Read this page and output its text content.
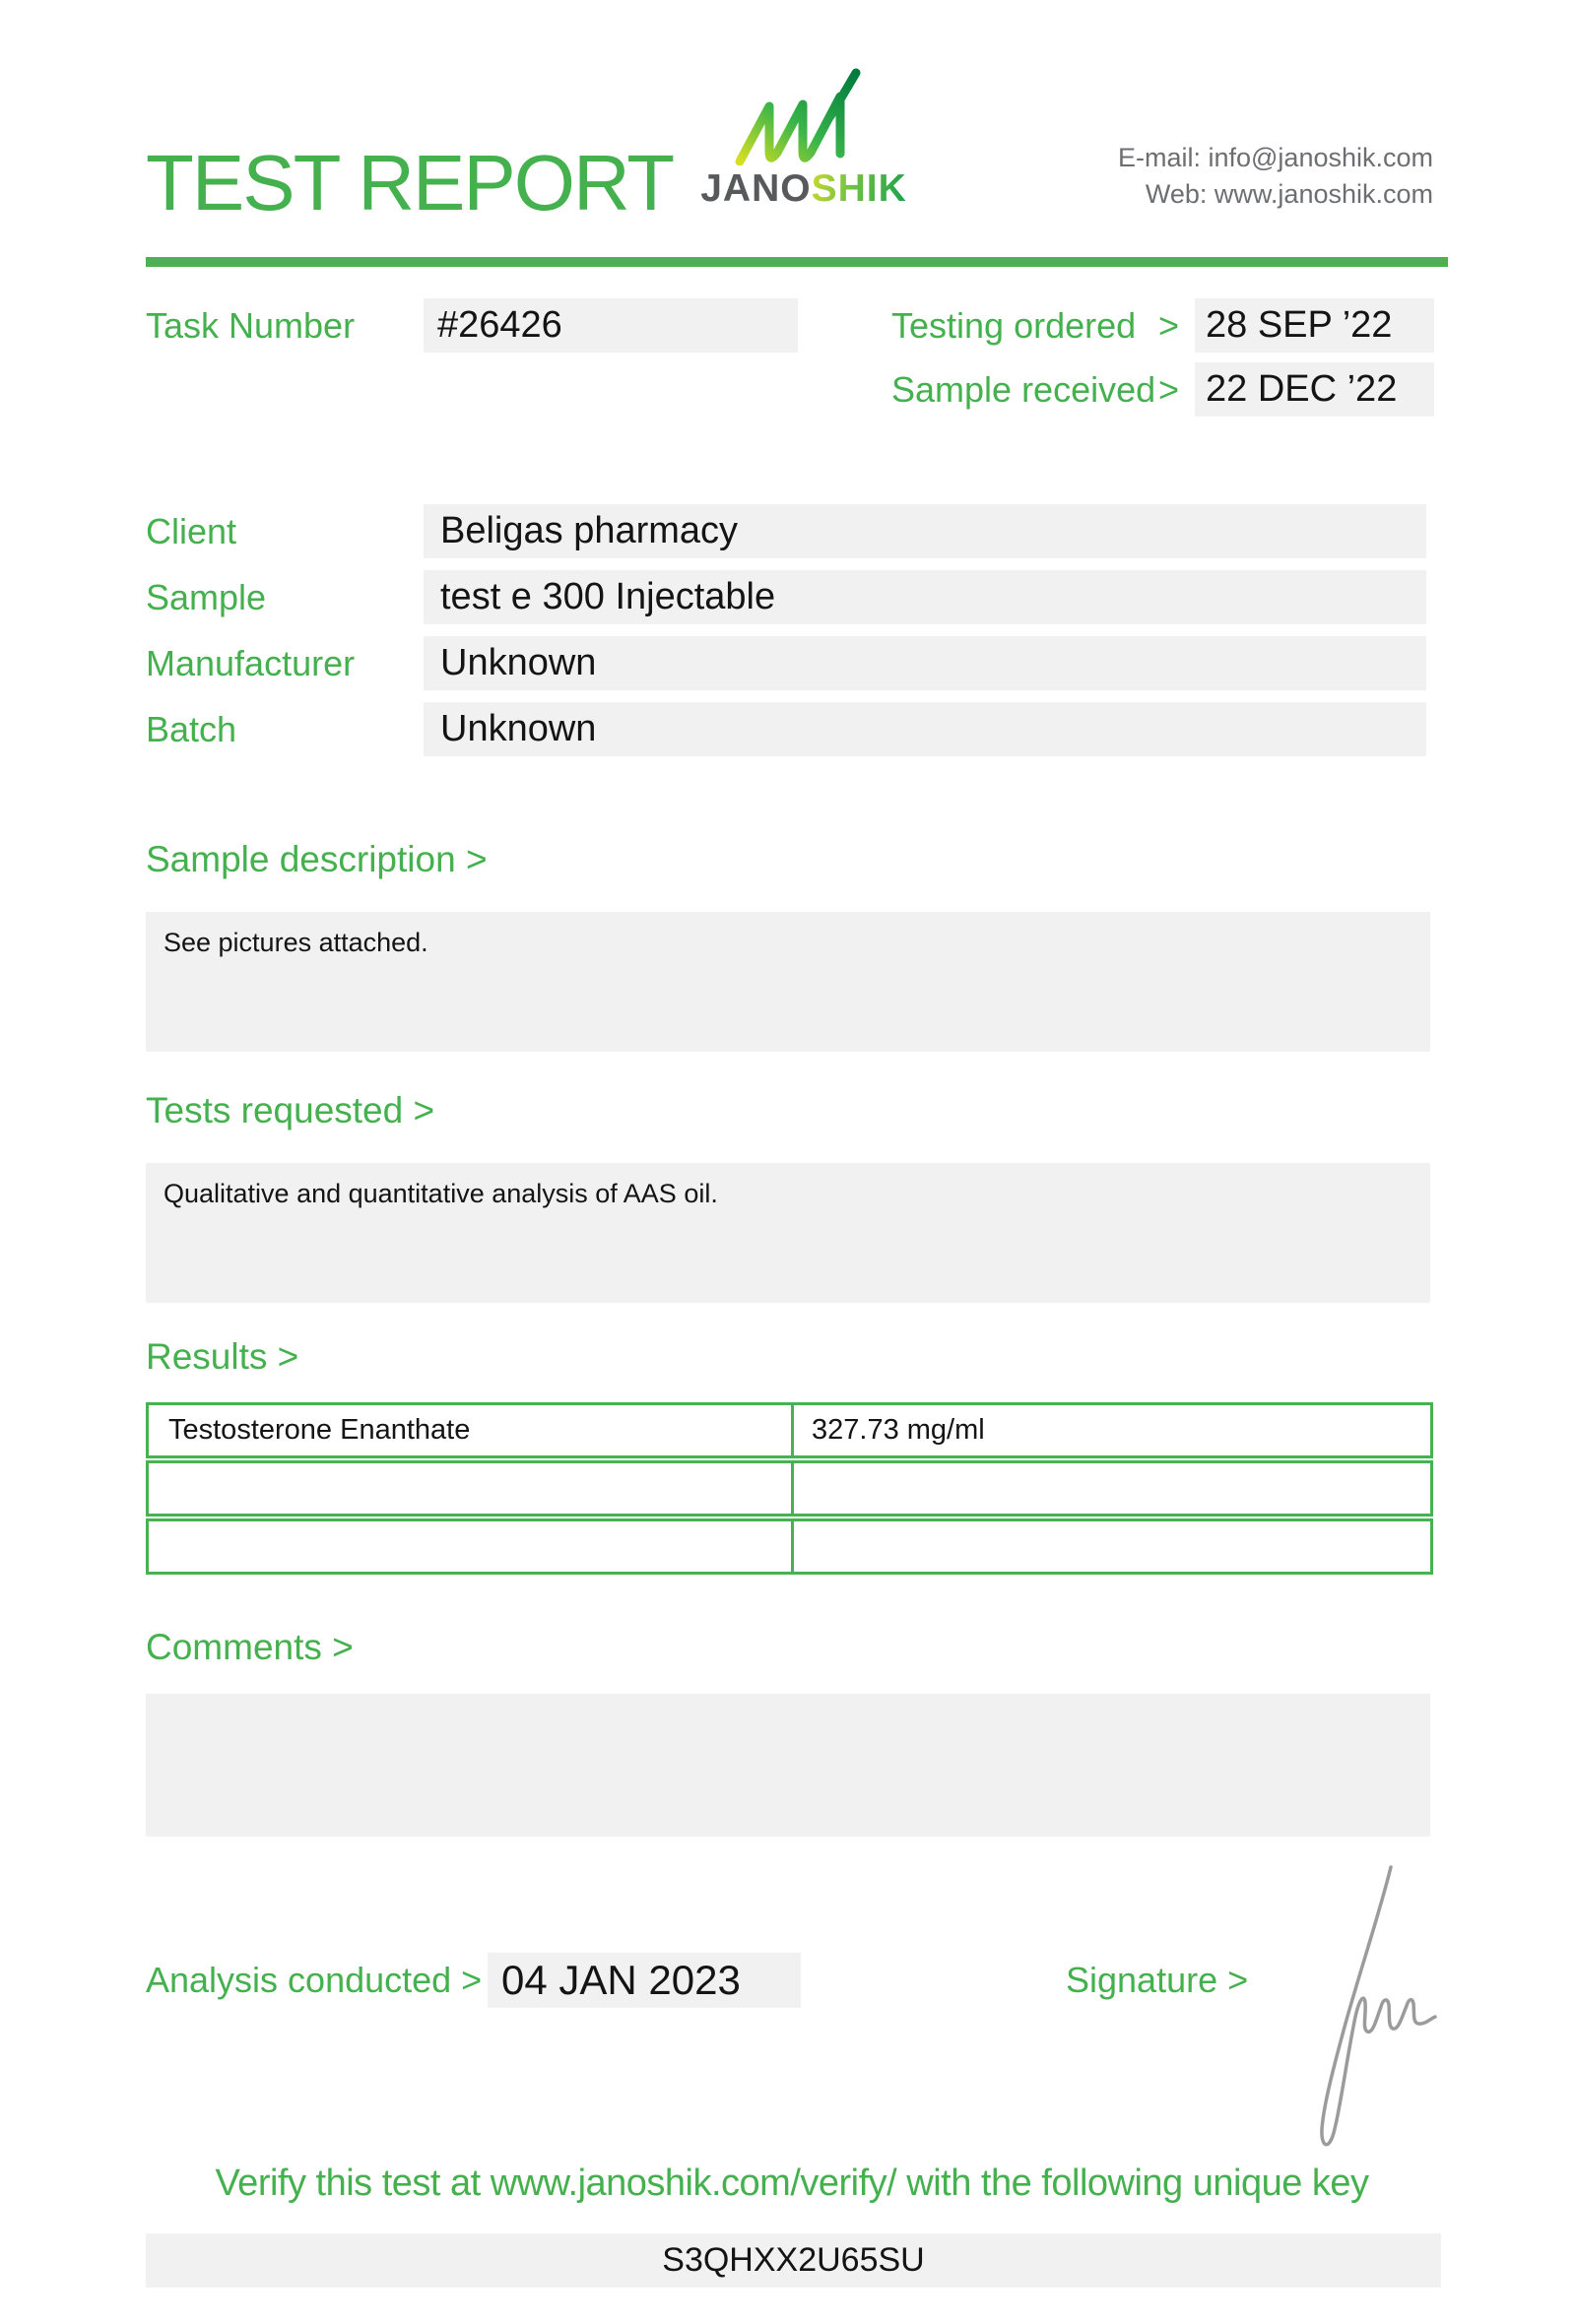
TEST REPORT JANOSHIK
E-mail: info@janoshik.com
Web: www.janoshik.com
Task Number	#26426	Testing ordered > 28 SEP ’22
Sample received > 22 DEC ’22
Client	Beligas pharmacy
Sample	test e 300 Injectable
Manufacturer	Unknown
Batch	Unknown
Sample description >
See pictures attached.
Tests requested >
Qualitative and quantitative analysis of AAS oil.
Results >
Testosterone Enanthate	327.73 mg/ml
Comments >
Analysis conducted > 04 JAN 2023	Signature >
Verify this test at www.janoshik.com/verify/ with the following unique key
S3QHXX2U65SU
